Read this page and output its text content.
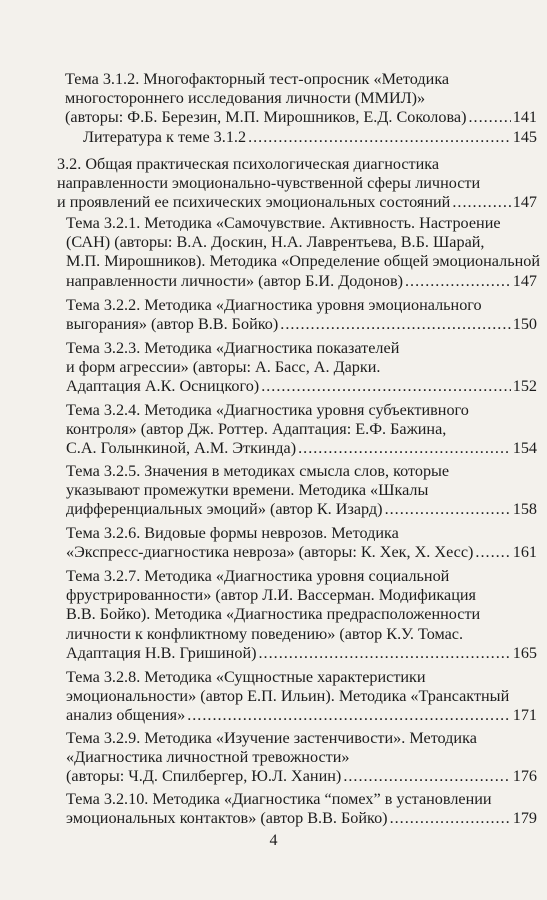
Тема 3.1.2. Многофакторный тест-опросник «Методика
многостороннего исследования личности (ММИЛ)»
(авторы: Ф.Б. Березин, М.П. Мирошников, Е.Д. Соколова) .....	141
Литература к теме 3.1.2 .....	145
3.2. Общая практическая психологическая диагностика
направленности эмоционально-чувственной сферы личности
и проявлений ее психических эмоциональных состояний .....	147
Тема 3.2.1. Методика «Самочувствие. Активность. Настроение
(САН) (авторы: В.А. Доскин, Н.А. Лаврентьева, В.Б. Шарай,
М.П. Мирошников). Методика «Определение общей эмоциональной
направленности личности» (автор Б.И. Додонов) .....	147
Тема 3.2.2. Методика «Диагностика уровня эмоционального
выгорания» (автор В.В. Бойко) .....	150
Тема 3.2.3. Методика «Диагностика показателей
и форм агрессии» (авторы: А. Басс, А. Дарки.
Адаптация А.К. Осницкого) .....	152
Тема 3.2.4. Методика «Диагностика уровня субъективного
контроля» (автор Дж. Роттер. Адаптация: Е.Ф. Бажина,
С.А. Голынкиной, А.М. Эткинда) .....	154
Тема 3.2.5. Значения в методиках смысла слов, которые
указывают промежутки времени. Методика «Шкалы
дифференциальных эмоций» (автор К. Изард) .....	158
Тема 3.2.6. Видовые формы неврозов. Методика
«Экспресс-диагностика невроза» (авторы: К. Хек, Х. Хесс) ..... 161
Тема 3.2.7. Методика «Диагностика уровня социальной
фрустрированности» (автор Л.И. Вассерман. Модификация
В.В. Бойко). Методика «Диагностика предрасположенности
личности к конфликтному поведению» (автор К.У. Томас.
Адаптация Н.В. Гришиной) .....	165
Тема 3.2.8. Методика «Сущностные характеристики
эмоциональности» (автор Е.П. Ильин). Методика «Трансактный
анализ общения» .....	171
Тема 3.2.9. Методика «Изучение застенчивости». Методика
«Диагностика личностной тревожности»
(авторы: Ч.Д. Спилбергер, Ю.Л. Ханин) .....	176
Тема 3.2.10. Методика «Диагностика “помех” в установлении
эмоциональных контактов» (автор В.В. Бойко) .....	179
4
